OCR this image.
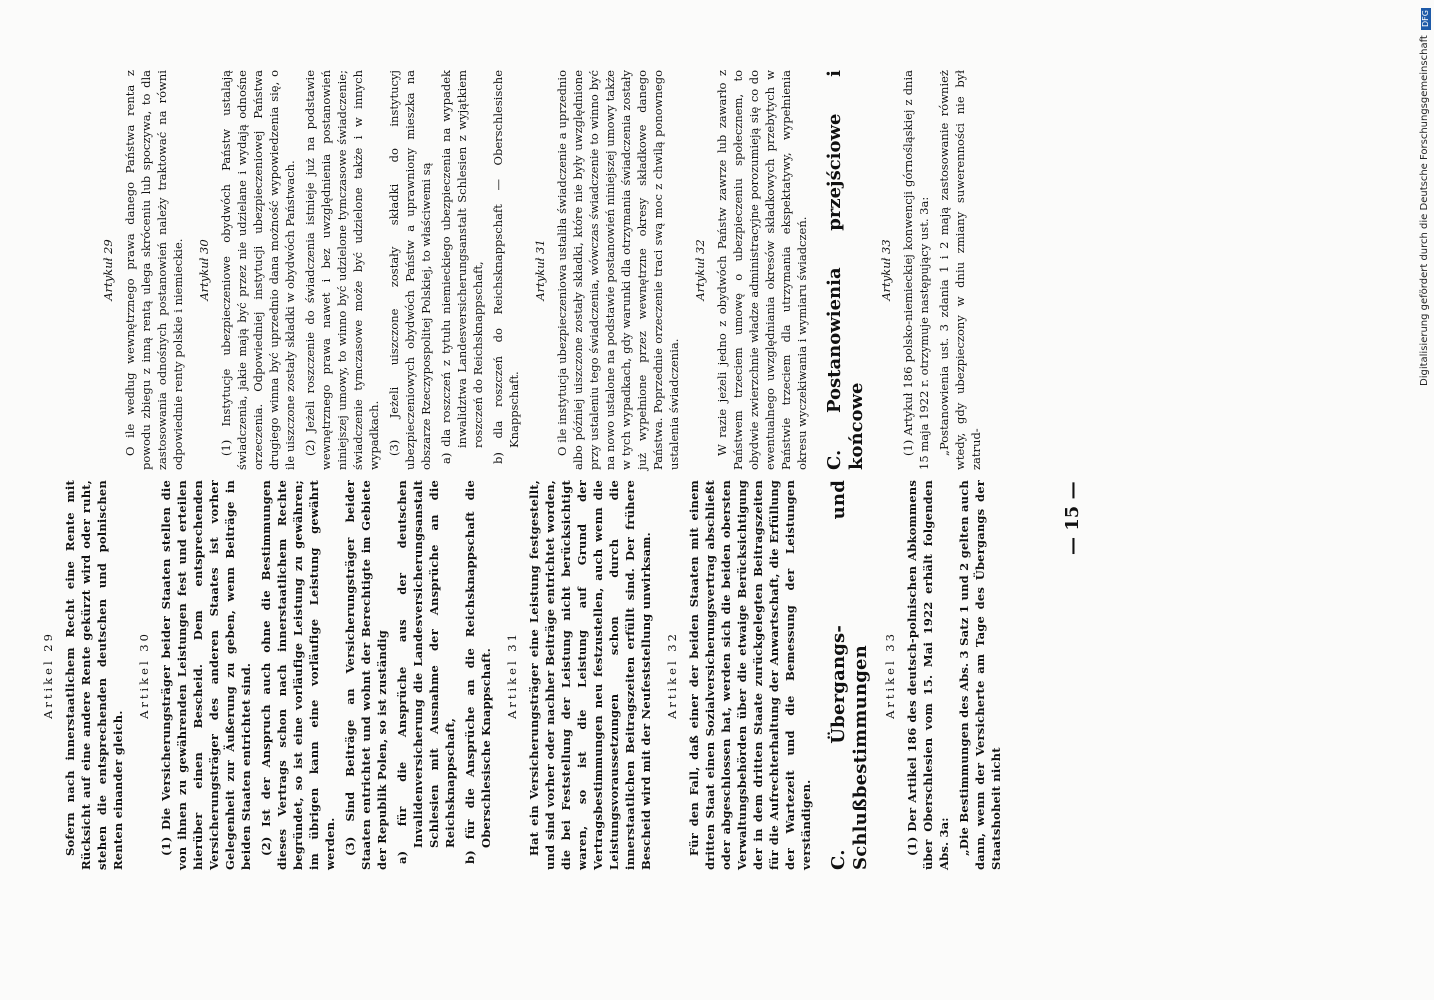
Artikel 29 Sofern nach innerstaatlichem Recht eine Rente mit Rücksicht auf eine andere Rente gekürzt wird oder ruht, stehen die entsprechenden deutschen und polnischen Renten einander gleich.

Artikel 30 (1) Die Versicherungsträger beider Staaten stellen die von ihnen zu gewährenden Leistungen fest und erteilen hierüber einen Bescheid. Dem entsprechenden Versicherungsträger des anderen Staates ist vorher Gelegenheit zur Äußerung zu geben, wenn Beiträge in beiden Staaten entrichtet sind. (2) Ist der Anspruch auch ohne die Bestimmungen dieses Vertrags schon nach innerstaatlichem Rechte begründet, so ist eine vorläufige Leistung zu gewähren; im übrigen kann eine vorläufige Leistung gewährt werden. (3) Sind Beiträge an Versicherungsträger beider Staaten entrichtet und wohnt der Berechtigte im Gebiete der Republik Polen, so ist zuständig a) für die Ansprüche aus der deutschen Invalidenversicherung die Landesversicherungsanstalt Schlesien mit Ausnahme der Ansprüche an die Reichsknappschaft, b) für die Ansprüche an die Reichsknappschaft die Oberschlesische Knappschaft. Artikel 31 Hat ein Versicherungsträger eine Leistung festgestellt, und sind vorher oder nachher Beiträge entrichtet worden, die bei Feststellung der Leistung nicht berücksichtigt waren, so ist die Leistung auf Grund der Vertragsbestimmungen neu festzustellen, auch wenn die Leistungsvoraussetzungen schon durch die innerstaatlichen Beitragszeiten erfüllt sind. Der frühere Bescheid wird mit der Neufeststellung unwirksam. Artikel 32 Für den Fall, daß einer der beiden Staaten mit einem dritten Staat einen Sozialversicherungsvertrag abschließt oder abgeschlossen hat, werden sich die beiden obersten Verwaltungsbehörden über die etwaige Berücksichtigung der in dem dritten Staate zurückgelegten Beitragszeiten für die Aufrechterhaltung der Anwartschaft, die Erfüllung der Wartezeit und die Bemessung der Leistungen verständigen. C. Übergangs- und Schlußbestimmungen Artikel 33 (1) Der Artikel 186 des deutsch-polnischen Abkommens über Oberschlesien vom 15. Mai 1922 erhält folgenden Abs. 3a: „Die Bestimmungen des Abs. 3 Satz 1 und 2 gelten auch dann, wenn der Versicherte am Tage des Übergangs der Staatshoheit nicht

— 15 —

Artykuł 29 O ile według wewnętrznego prawa danego Państwa renta z powodu zbiegu z inną rentą ulega skróceniu lub spoczywa, to dla zastosowania odnośnych postanowień należy traktować na równi odpowiednie renty polskie i niemieckie. Artykuł 30 (1) Instytucje ubezpieczeniowe obydwóch Państw ustalają świadczenia, jakie mają być przez nie udzielane i wydają odnośne orzeczenia. Odpowiedniej instytucji ubezpieczeniowej Państwa drugiego winna być uprzednio dana możność wypowiedzenia się, o ile uiszczone zostały składki w obydwóch Państwach. (2) Jeżeli roszczenie do świadczenia istnieje już na podstawie wewnętrznego prawa nawet i bez uwzględnienia postanowień niniejszej umowy, to winno być udzielone tymczasowe świadczenie; świadczenie tymczasowe może być udzielone także i w innych wypadkach. (3) Jeżeli uiszczone zostały składki do instytucyj ubezpieczeniowych obydwóch Państw a uprawniony mieszka na obszarze Rzeczypospolitej Polskiej, to właściwemi są a) dla roszczeń z tytułu niemieckiego ubezpieczenia na wypadek inwalidztwa Landesversicherungsanstalt Schlesien z wyjątkiem roszczeń do Reichsknappschaft, b) dla roszczeń do Reichsknappschaft — Oberschlesische Knappschaft.

Artykuł 31 O ile instytucja ubezpieczeniowa ustaliła świadczenie a uprzednio albo później uiszczone zostały składki, które nie były uwzględnione przy ustaleniu tego świadczenia, wówczas świadczenie to winno być na nowo ustalone na podstawie postanowień niniejszej umowy także w tych wypadkach, gdy warunki dla otrzymania świadczenia zostały już wypełnione przez wewnętrzne okresy składkowe danego Państwa. Poprzednie orzeczenie traci swą moc z chwilą ponownego ustalenia świadczenia.

Artykuł 32 W razie jeżeli jedno z obydwóch Państw zawrze lub zawarło z Państwem trzeciem umowę o ubezpieczeniu społecznem, to obydwie zwierzchnie władze administracyjne porozumieją się co do ewentualnego uwzględniania okresów składkowych przebytych w Państwie trzeciem dla utrzymania ekspektatywy, wypełnienia okresu wyczekiwania i wymiaru świadczeń. C. Postanowienia przejściowe i końcowe

Artykuł 33 (1) Artykuł 186 polsko-niemieckiej konwencji górnośląskiej z dnia 15 maja 1922 r. otrzymuje następujący ust. 3a: „Postanowienia ust. 3 zdania 1 i 2 mają zastosowanie również wtedy, gdy ubezpieczony w dniu zmiany suwerenności nie był zatrud-

DFG
Digitalisierung gefördert durch die Deutsche Forschungsgemeinschaft
